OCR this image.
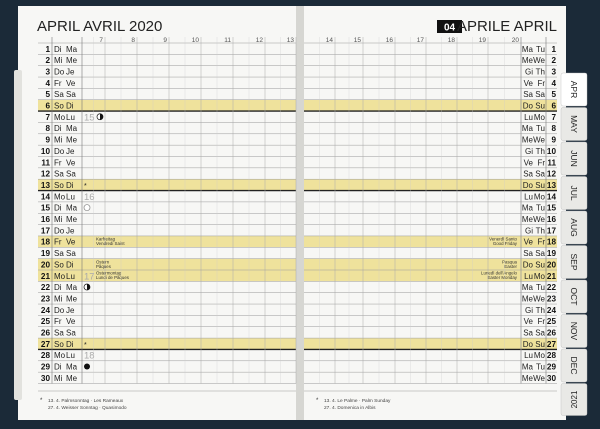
APRIL AVRIL 2020	04 APRILE APRIL
7	8	9	10	11	12	13	14	15	16	17	18	19	20
1 Di Ma	Ma Tu 1
2 Mi Me	Me We 2
3 Do Je	Gi Th 3
4 Fr Ve	Ve Fr 4
5 Sa Sa	Sa Sa 5
6 So Di	Do Su 6
7 Mo Lu	Lu Mo 7
15
8 Di Ma	Ma Tu 8
9 Mi Me	Me We 9
10 Do Je	Gi Th 10
11 Fr Ve	Ve Fr 11
12 Sa Sa	Sa Sa 12
13 So Di	Do Su 13
*
14 Mo Lu	Lu Mo 14
16
15 Di Ma	Ma Tu 15
16 Mi Me	Me We 16
17 Do Je	Gi Th 17
18 Fr Ve	Ve Fr 18
Karfreitag
Vendredi Saint
Venerdì Santo
Good Friday
19 Sa Sa	Sa Sa 19
20 So Di	Do Su 20
Ostern
Pâques
Pasqua
Easter
21 Mo Lu	Lu Mo 21
17 Ostermontag
Lundi de Pâques
Lunedì dell'Angelo
Easter Monday
22 Di Ma	Ma Tu 22
23 Mi Me	Me We 23
24 Do Je	Gi Th 24
25 Fr Ve	Ve Fr 25
26 Sa Sa	Sa Sa 26
27 So Di	Do Su 27
*
28 Mo Lu	Lu Mo 28
18
29 Di Ma	Ma Tu 29
30 Mi Me	Me We 30
*	*
13. 4. Palmsonntag · Les Rameaux
27. 4. Weisser Sonntag · Quasimodo
13. 4. Le Palme · Palm Sunday
27. 4. Domenica in Albis
APR
MAY
JUN
JUL
AUG
SEP
OCT
NOV
DEC
2021
